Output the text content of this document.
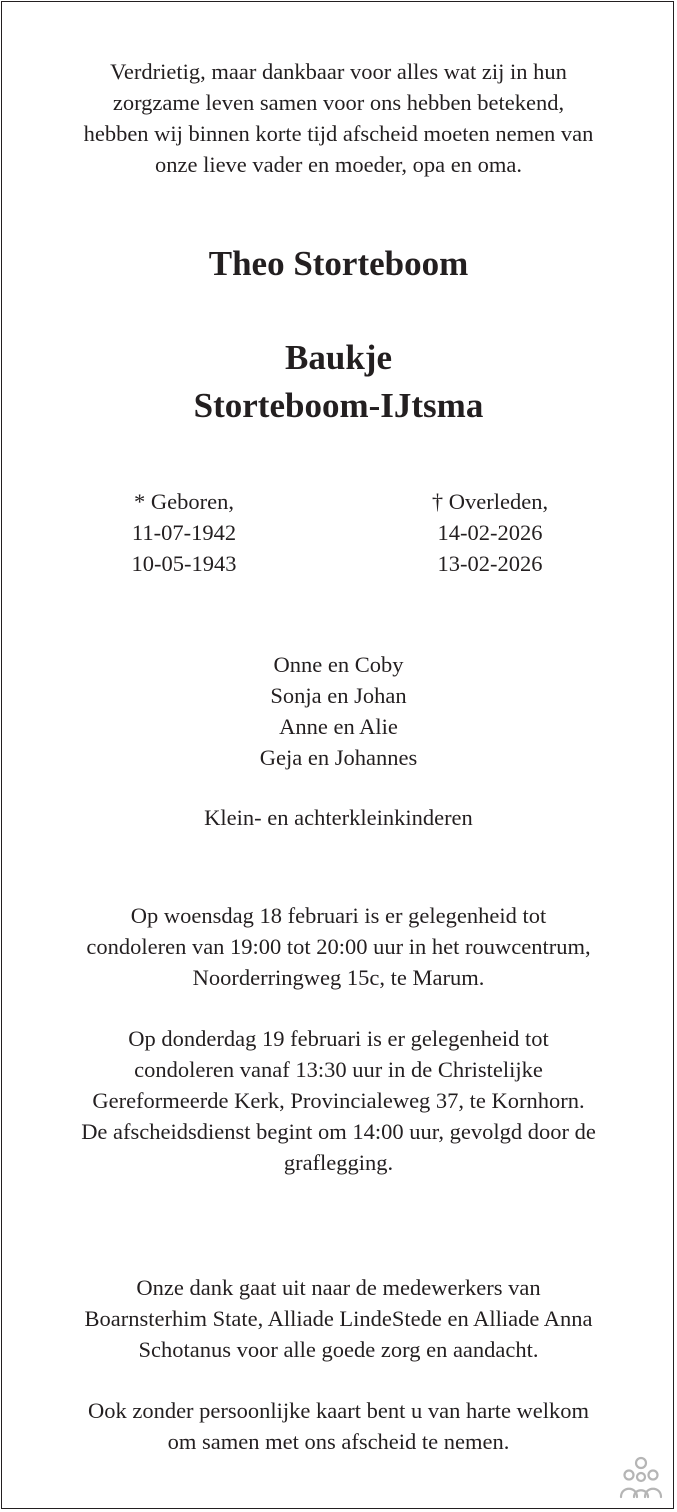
Verdrietig, maar dankbaar voor alles wat zij in hun
zorgzame leven samen voor ons hebben betekend,
hebben wij binnen korte tijd afscheid moeten nemen van
onze lieve vader en moeder, opa en oma.
Theo Storteboom
Baukje
Storteboom-IJtsma
* Geboren,
11-07-1942
10-05-1943
† Overleden,
14-02-2026
13-02-2026
Onne en Coby
Sonja en Johan
Anne en Alie
Geja en Johannes
Klein- en achterkleinkinderen
Op woensdag 18 februari is er gelegenheid tot
condoleren van 19:00 tot 20:00 uur in het rouwcentrum,
Noorderringweg 15c, te Marum.
Op donderdag 19 februari is er gelegenheid tot
condoleren vanaf 13:30 uur in de Christelijke
Gereformeerde Kerk, Provincialeweg 37, te Kornhorn.
De afscheidsdienst begint om 14:00 uur, gevolgd door de
graflegging.
Onze dank gaat uit naar de medewerkers van
Boarnsterhim State, Alliade LindeStede en Alliade Anna
Schotanus voor alle goede zorg en aandacht.
Ook zonder persoonlijke kaart bent u van harte welkom
om samen met ons afscheid te nemen.
